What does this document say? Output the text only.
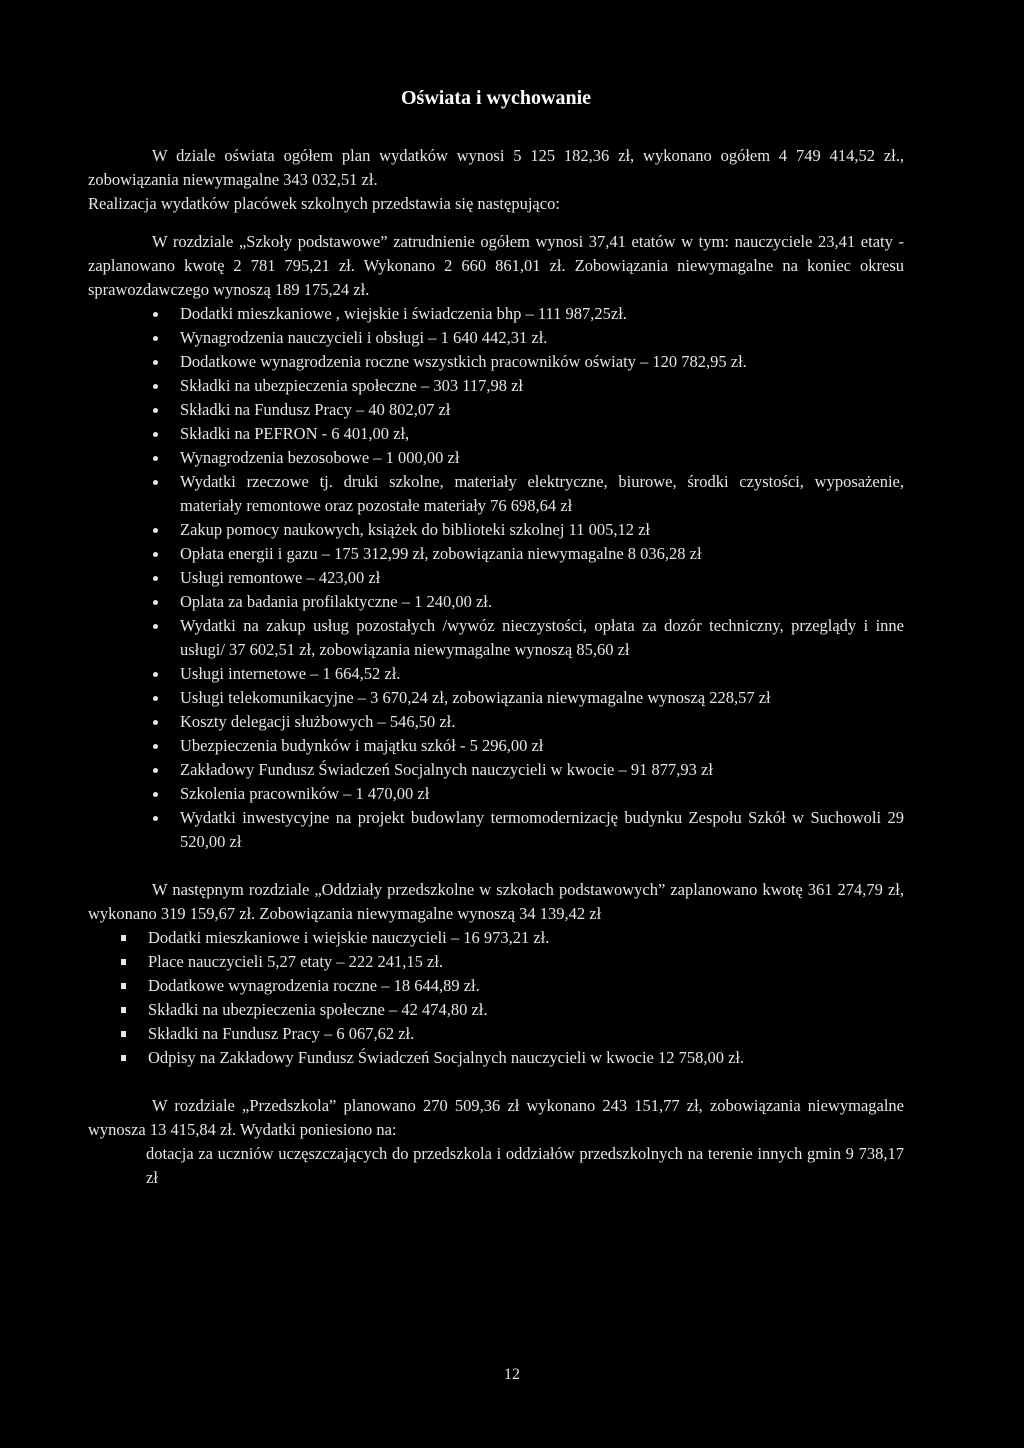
Oświata i wychowanie

W dziale oświata ogółem plan wydatków wynosi 5 125 182,36 zł, wykonano ogółem 4 749 414,52 zł., zobowiązania niewymagalne 343 032,51 zł.

Realizacja wydatków placówek szkolnych przedstawia się następująco:

W rozdziale „Szkoły podstawowe” zatrudnienie ogółem wynosi 37,41 etatów w tym: nauczyciele 23,41 etaty - zaplanowano kwotę 2 781 795,21 zł. Wykonano 2 660 861,01 zł. Zobowiązania niewymagalne na koniec okresu sprawozdawczego wynoszą 189 175,24 zł.

Dodatki mieszkaniowe , wiejskie i świadczenia bhp – 111 987,25zł.
Wynagrodzenia nauczycieli i obsługi – 1 640 442,31 zł.
Dodatkowe wynagrodzenia roczne wszystkich pracowników oświaty – 120 782,95 zł.
Składki na ubezpieczenia społeczne – 303 117,98 zł
Składki na Fundusz Pracy – 40 802,07 zł
Składki na PEFRON - 6 401,00 zł,
Wynagrodzenia bezosobowe – 1 000,00 zł
Wydatki rzeczowe tj. druki szkolne, materiały elektryczne, biurowe, środki czystości, wyposażenie, materiały remontowe oraz pozostałe materiały 76 698,64 zł
Zakup pomocy naukowych, książek do biblioteki szkolnej 11 005,12 zł
Opłata energii i gazu – 175 312,99 zł, zobowiązania niewymagalne 8 036,28 zł
Usługi remontowe – 423,00 zł
Oplata za badania profilaktyczne – 1 240,00 zł.
Wydatki na zakup usług pozostałych /wywóz nieczystości, opłata za dozór techniczny, przeglądy i inne usługi/ 37 602,51 zł, zobowiązania niewymagalne wynoszą 85,60 zł
Usługi internetowe – 1 664,52 zł.
Usługi telekomunikacyjne – 3 670,24 zł, zobowiązania niewymagalne wynoszą 228,57 zł
Koszty delegacji służbowych – 546,50 zł.
Ubezpieczenia budynków i majątku szkół - 5 296,00 zł
Zakładowy Fundusz Świadczeń Socjalnych nauczycieli w kwocie – 91 877,93 zł
Szkolenia pracowników – 1 470,00 zł
Wydatki inwestycyjne na projekt budowlany termomodernizację budynku Zespołu Szkół w Suchowoli 29 520,00 zł

W następnym rozdziale „Oddziały przedszkolne w szkołach podstawowych” zaplanowano kwotę 361 274,79 zł, wykonano 319 159,67 zł. Zobowiązania niewymagalne wynoszą 34 139,42 zł

Dodatki mieszkaniowe i wiejskie nauczycieli – 16 973,21 zł.
Place nauczycieli 5,27 etaty – 222 241,15 zł.
Dodatkowe wynagrodzenia roczne – 18 644,89 zł.
Składki na ubezpieczenia społeczne – 42 474,80 zł.
Składki na Fundusz Pracy – 6 067,62 zł.
Odpisy na Zakładowy Fundusz Świadczeń Socjalnych nauczycieli w kwocie 12 758,00 zł.

W rozdziale „Przedszkola” planowano 270 509,36 zł wykonano 243 151,77 zł, zobowiązania niewymagalne wynosza 13 415,84 zł. Wydatki poniesiono na:

dotacja za uczniów uczęszczających do przedszkola i oddziałów przedszkolnych na terenie innych gmin 9 738,17 zł
12
